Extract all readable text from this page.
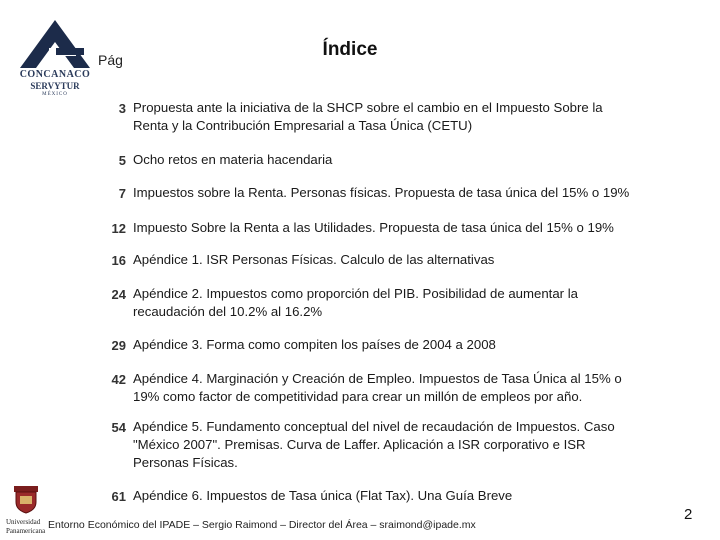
CONCANACO
SERVYTUR
MÉXICO
Pág	Índice
3 Propuesta ante la iniciativa de la SHCP sobre el cambio en el Impuesto Sobre la
Renta y la Contribución Empresarial a Tasa Única (CETU)
5 Ocho retos en materia hacendaria
7 Impuestos sobre la Renta. Personas físicas. Propuesta de tasa única del 15% o 19%
12 Impuesto Sobre la Renta a las Utilidades. Propuesta de tasa única del 15% o 19%
16 Apéndice 1. ISR Personas Físicas. Calculo de las alternativas
24 Apéndice 2. Impuestos como proporción del PIB. Posibilidad de aumentar la
recaudación del 10.2% al 16.2%
29 Apéndice 3. Forma como compiten los países de 2004 a 2008
42 Apéndice 4. Marginación y Creación de Empleo. Impuestos de Tasa Única al 15% o
19% como factor de competitividad para crear un millón de empleos por año.
54 Apéndice 5. Fundamento conceptual del nivel de recaudación de Impuestos. Caso
"México 2007". Premisas. Curva de Laffer. Aplicación a ISR corporativo e ISR
Personas Físicas.
61 Apéndice 6. Impuestos de Tasa única (Flat Tax). Una Guía Breve
Universidad
Panamericana Entorno Económico del IPADE – Sergio Raimond – Director del Área – sraimond@ipade.mx
2
